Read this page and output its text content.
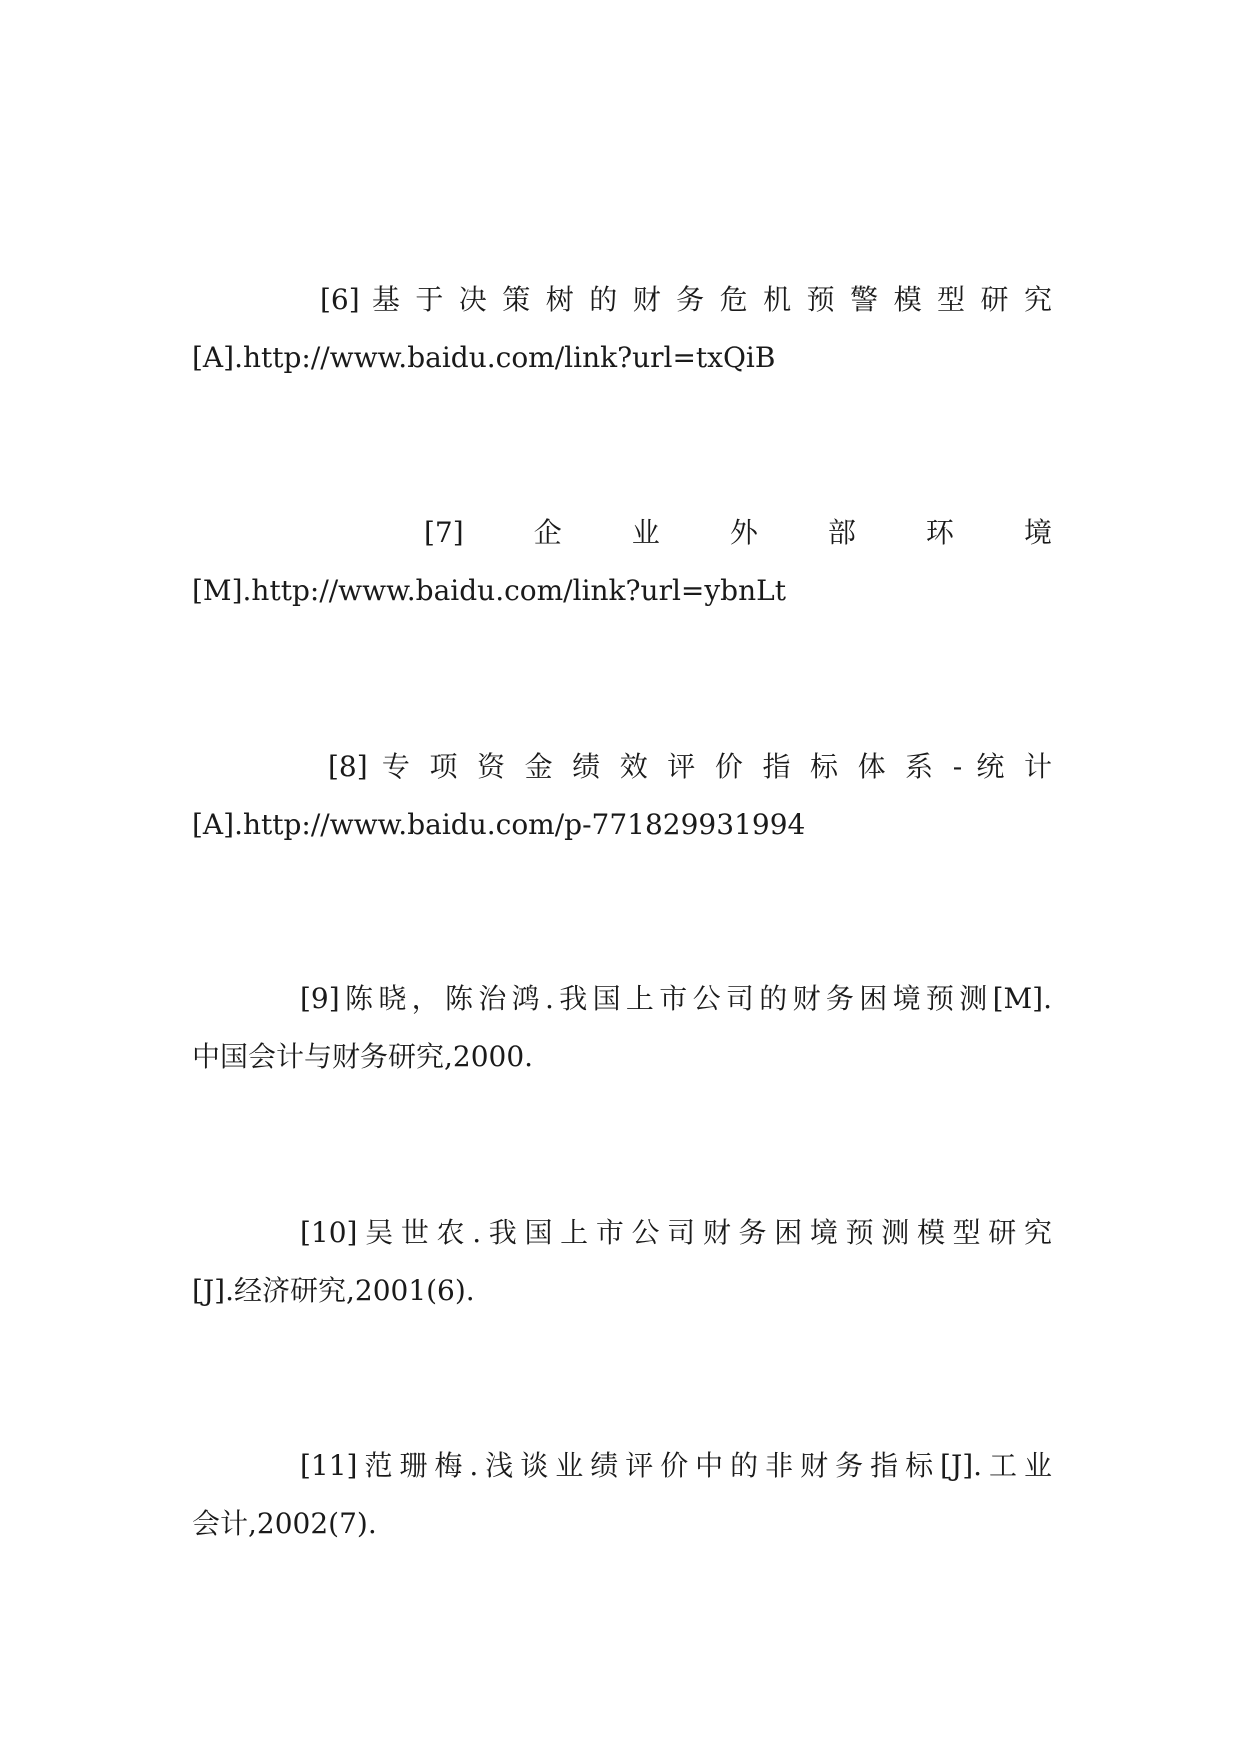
[6] 基 于 决 策 树 的 财 务 危 机 预 警 模 型 研 究
[A].http://www.baidu.com/link?url=txQiB
[7]　　企　　业　　外　　部　　环　　境
[M].http://www.baidu.com/link?url=ybnLt
[8] 专 项 资 金 绩 效 评 价 指 标 体 系 - 统 计
[A].http://www.baidu.com/p-771829931994
[9]陈晓，陈治鸿.我国上市公司的财务困境预测[M].
中国会计与财务研究,2000.
[10]吴世农.我国上市公司财务困境预测模型研究
[J].经济研究,2001(6).
[11]范珊梅.浅谈业绩评价中的非财务指标[J].工业
会计,2002(7).
